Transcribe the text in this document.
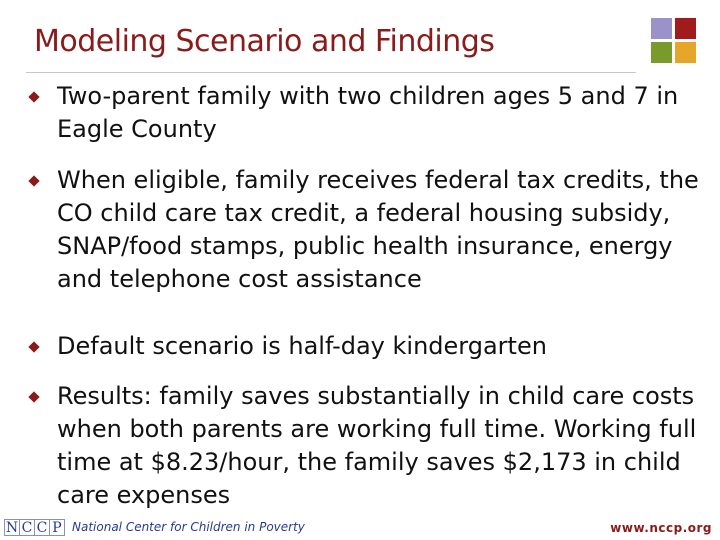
Modeling Scenario and Findings
Two-parent family with two children ages 5 and 7 in Eagle County
When eligible, family receives federal tax credits, the CO child care tax credit, a federal housing subsidy, SNAP/food stamps, public health insurance, energy and telephone cost assistance
Default scenario is half-day kindergarten
Results: family saves substantially in child care costs when both parents are working full time. Working full time at $8.23/hour, the family saves $2,173 in child care expenses
N C C P National Center for Children in Poverty	www.nccp.org
